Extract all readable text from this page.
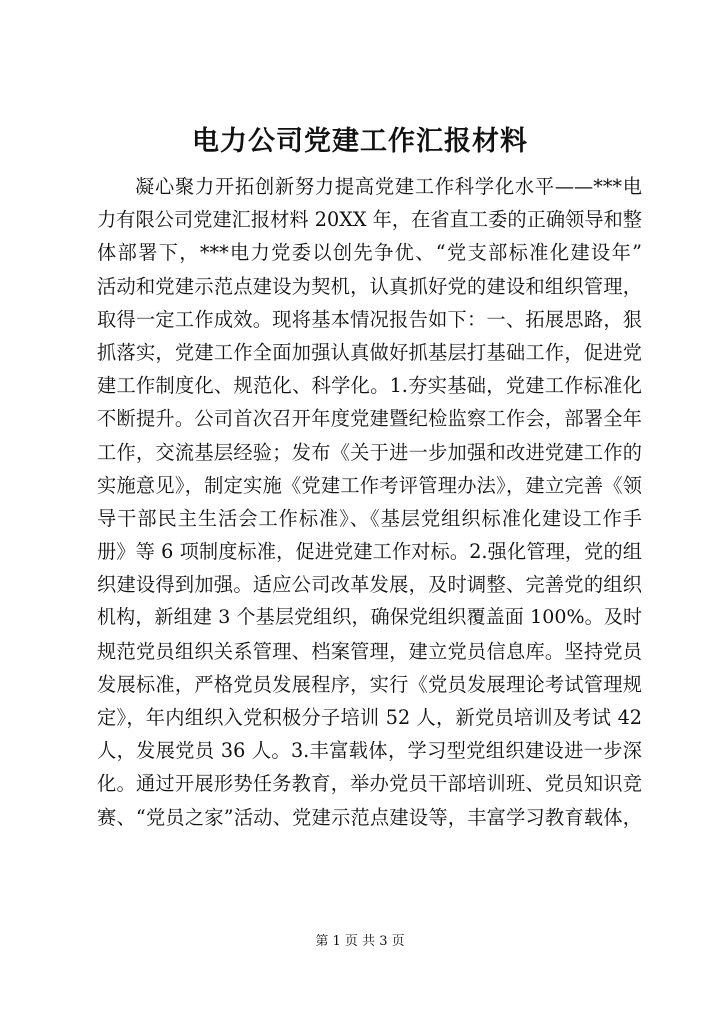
电力公司党建工作汇报材料
凝心聚力开拓创新努力提高党建工作科学化水平——***电
力有限公司党建汇报材料 20XX 年，在省直工委的正确领导和整
体部署下，***电力党委以创先争优、“党支部标准化建设年”
活动和党建示范点建设为契机，认真抓好党的建设和组织管理，
取得一定工作成效。现将基本情况报告如下：一、拓展思路，狠
抓落实，党建工作全面加强认真做好抓基层打基础工作，促进党
建工作制度化、规范化、科学化。1.夯实基础，党建工作标准化
不断提升。公司首次召开年度党建暨纪检监察工作会，部署全年
工作，交流基层经验；发布《关于进一步加强和改进党建工作的
实施意见》，制定实施《党建工作考评管理办法》，建立完善《领
导干部民主生活会工作标准》、《基层党组织标准化建设工作手
册》等 6 项制度标准，促进党建工作对标。2.强化管理，党的组
织建设得到加强。适应公司改革发展，及时调整、完善党的组织
机构，新组建 3 个基层党组织，确保党组织覆盖面 100%。及时
规范党员组织关系管理、档案管理，建立党员信息库。坚持党员
发展标准，严格党员发展程序，实行《党员发展理论考试管理规
定》，年内组织入党积极分子培训 52 人，新党员培训及考试 42
人，发展党员 36 人。3.丰富载体，学习型党组织建设进一步深
化。通过开展形势任务教育，举办党员干部培训班、党员知识竞
赛、“党员之家”活动、党建示范点建设等，丰富学习教育载体，
第 1 页 共 3 页
